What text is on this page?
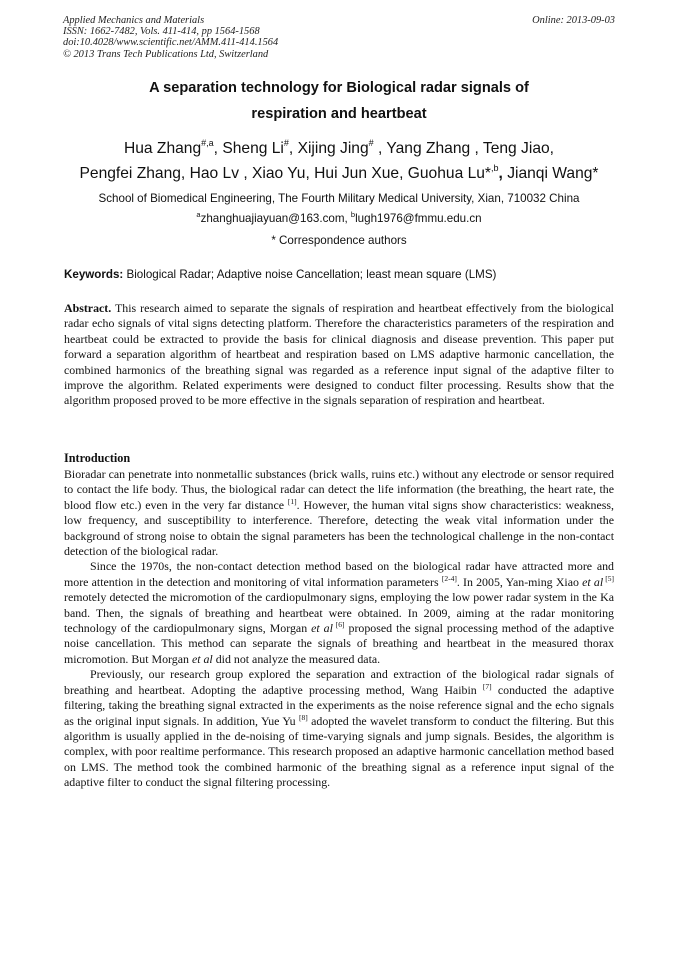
Applied Mechanics and Materials
ISSN: 1662-7482, Vols. 411-414, pp 1564-1568
doi:10.4028/www.scientific.net/AMM.411-414.1564
© 2013 Trans Tech Publications Ltd, Switzerland
Online: 2013-09-03
A separation technology for Biological radar signals of
respiration and heartbeat
Hua Zhang$^{\#,a}$, Sheng Li#, Xijing Jing# , Yang Zhang , Teng Jiao,
Pengfei Zhang, Hao Lv , Xiao Yu, Hui Jun Xue, Guohua Lu*$^{,b}$, Jianqi Wang*
School of Biomedical Engineering, The Fourth Military Medical University, Xian, 710032 China
$^a$zhanghuajiayuan@163.com, $^b$lugh1976@fmmu.edu.cn
* Correspondence authors
Keywords: Biological Radar; Adaptive noise Cancellation; least mean square (LMS)
Abstract. This research aimed to separate the signals of respiration and heartbeat effectively from the biological radar echo signals of vital signs detecting platform. Therefore the characteristics parameters of the respiration and heartbeat could be extracted to provide the basis for clinical diagnosis and disease prevention. This paper put forward a separation algorithm of heartbeat and respiration based on LMS adaptive harmonic cancellation, the combined harmonics of the breathing signal was regarded as a reference input signal of the adaptive filter to improve the algorithm. Related experiments were designed to conduct filter processing. Results show that the algorithm proposed proved to be more effective in the signals separation of respiration and heartbeat.
Introduction

Bioradar can penetrate into nonmetallic substances (brick walls, ruins etc.) without any electrode or sensor required to contact the life body. Thus, the biological radar can detect the life information (the breathing, the heart rate, the blood flow etc.) even in the very far distance [1]. However, the human vital signs show characteristics: weakness, low frequency, and susceptibility to interference. Therefore, detecting the weak vital information under the background of strong noise to obtain the signal parameters has been the technological challenge in the non-contact detection of the biological radar.

Since the 1970s, the non-contact detection method based on the biological radar have attracted more and more attention in the detection and monitoring of vital information parameters [2-4]. In 2005, Yan-ming Xiao et al [5] remotely detected the micromotion of the cardiopulmonary signs, employing the low power radar system in the Ka band. Then, the signals of breathing and heartbeat were obtained. In 2009, aiming at the radar monitoring technology of the cardiopulmonary signs, Morgan et al [6] proposed the signal processing method of the adaptive noise cancellation. This method can separate the signals of breathing and heartbeat in the measured thorax micromotion. But Morgan et al did not analyze the measured data.

Previously, our research group explored the separation and extraction of the biological radar signals of breathing and heartbeat. Adopting the adaptive processing method, Wang Haibin [7] conducted the adaptive filtering, taking the breathing signal extracted in the experiments as the noise reference signal and the echo signals as the original input signals. In addition, Yue Yu [8] adopted the wavelet transform to conduct the filtering. But this algorithm is usually applied in the de-noising of time-varying signals and jump signals. Besides, the algorithm is complex, with poor realtime performance. This research proposed an adaptive harmonic cancellation method based on LMS. The method took the combined harmonic of the breathing signal as a reference input signal of the adaptive filter to conduct the signal filtering processing.
